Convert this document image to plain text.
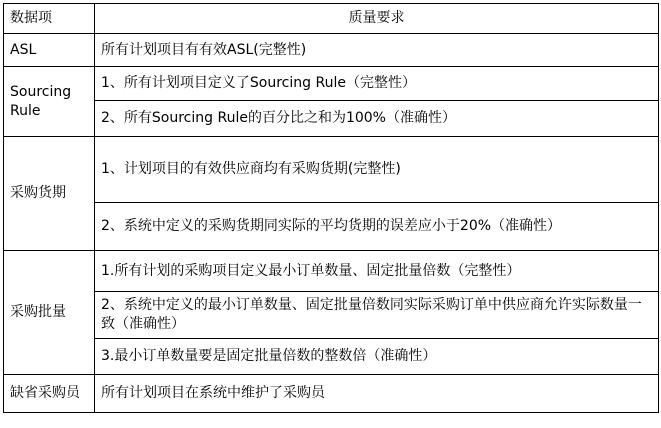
数据项	质量要求
ASL	所有计划项目有有效ASL(完整性)
Sourcing Rule	1、所有计划项目定义了Sourcing Rule（完整性）
	2、所有Sourcing Rule的百分比之和为100%（准确性）
采购货期	1、计划项目的有效供应商均有采购货期(完整性)
	2、系统中定义的采购货期同实际的平均货期的误差应小于20%（准确性）
采购批量	1.所有计划的采购项目定义最小订单数量、固定批量倍数（完整性）
	2、系统中定义的最小订单数量、固定批量倍数同实际采购订单中供应商允许实际数量一致（准确性）
	3.最小订单数量要是固定批量倍数的整数倍（准确性）
缺省采购员	所有计划项目在系统中维护了采购员
